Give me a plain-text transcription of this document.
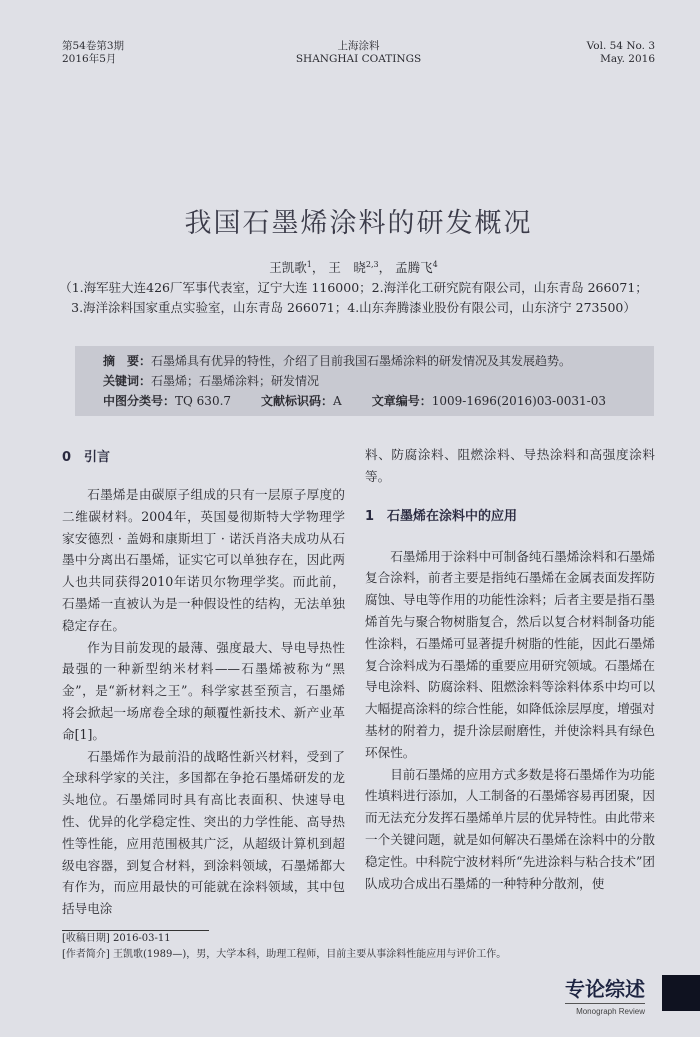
第54卷第3期
2016年5月
上海涂料
SHANGHAI COATINGS
Vol. 54 No. 3
May. 2016
我国石墨烯涂料的研发概况
王凯歌$^1$， 王　晓$^{2,3}$， 孟腾飞$^4$
（1.海军驻大连426厂军事代表室，辽宁大连 116000；2.海洋化工研究院有限公司，山东青岛 266071；
3.海洋涂料国家重点实验室，山东青岛 266071；4.山东奔腾漆业股份有限公司，山东济宁 273500）
摘　要：石墨烯具有优异的特性，介绍了目前我国石墨烯涂料的研发情况及其发展趋势。
关键词：石墨烯；石墨烯涂料；研发情况
中图分类号：TQ 630.7	文献标识码：A	文章编号：1009-1696(2016)03-0031-03
0　引言

石墨烯是由碳原子组成的只有一层原子厚度的二维碳材料。2004年，英国曼彻斯特大学物理学家安德烈 · 盖姆和康斯坦丁 · 诺沃肖洛夫成功从石墨中分离出石墨烯，证实它可以单独存在，因此两人也共同获得2010年诺贝尔物理学奖。而此前，石墨烯一直被认为是一种假设性的结构，无法单独稳定存在。

作为目前发现的最薄、强度最大、导电导热性最强的一种新型纳米材料——石墨烯被称为“黑金”，是“新材料之王”。科学家甚至预言，石墨烯将会掀起一场席卷全球的颠覆性新技术、新产业革命[1]。

石墨烯作为最前沿的战略性新兴材料，受到了全球科学家的关注，多国都在争抢石墨烯研发的龙头地位。石墨烯同时具有高比表面积、快速导电性、优异的化学稳定性、突出的力学性能、高导热性等性能，应用范围极其广泛，从超级计算机到超级电容器，到复合材料，到涂料领域，石墨烯都大有作为，而应用最快的可能就在涂料领域，其中包括导电涂

料、防腐涂料、阻燃涂料、导热涂料和高强度涂料等。
1　石墨烯在涂料中的应用

石墨烯用于涂料中可制备纯石墨烯涂料和石墨烯复合涂料，前者主要是指纯石墨烯在金属表面发挥防腐蚀、导电等作用的功能性涂料；后者主要是指石墨烯首先与聚合物树脂复合，然后以复合材料制备功能性涂料，石墨烯可显著提升树脂的性能，因此石墨烯复合涂料成为石墨烯的重要应用研究领域。石墨烯在导电涂料、防腐涂料、阻燃涂料等涂料体系中均可以大幅提高涂料的综合性能，如降低涂层厚度，增强对基材的附着力，提升涂层耐磨性，并使涂料具有绿色环保性。

目前石墨烯的应用方式多数是将石墨烯作为功能性填料进行添加，人工制备的石墨烯容易再团聚，因而无法充分发挥石墨烯单片层的优异特性。由此带来一个关键问题，就是如何解决石墨烯在涂料中的分散稳定性。中科院宁波材料所“先进涂料与粘合技术”团队成功合成出石墨烯的一种特种分散剂，使

[收稿日期] 2016-03-11
[作者简介] 王凯歌(1989—)，男，大学本科，助理工程师，目前主要从事涂料性能应用与评价工作。
专论综述
Monograph Review
